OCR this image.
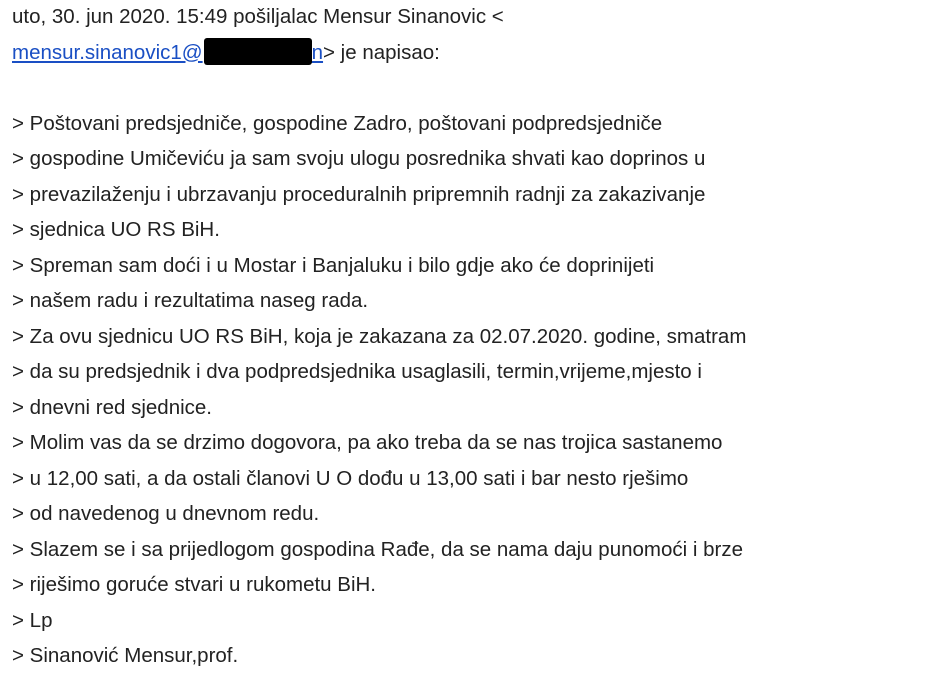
uto, 30. jun 2020. 15:49 pošiljalac Mensur Sinanovic <
mensur.sinanovic1@	n> je napisao:
> Poštovani predsjedniče, gospodine Zadro, poštovani podpredsjedniče
> gospodine Umičeviću ja sam svoju ulogu posrednika shvati kao doprinos u
> prevazilaženju i ubrzavanju proceduralnih pripremnih radnji za zakazivanje
> sjednica UO RS BiH.
> Spreman sam doći i u Mostar i Banjaluku i bilo gdje ako će doprinijeti
> našem radu i rezultatima naseg rada.
> Za ovu sjednicu UO RS BiH, koja je zakazana za 02.07.2020. godine, smatram
> da su predsjednik i dva podpredsjednika usaglasili, termin,vrijeme,mjesto i
> dnevni red sjednice.
> Molim vas da se drzimo dogovora, pa ako treba da se nas trojica sastanemo
> u 12,00 sati, a da ostali članovi U O dođu u 13,00 sati i bar nesto rješimo
> od navedenog u dnevnom redu.
> Slazem se i sa prijedlogom gospodina Rađe, da se nama daju punomoći i brze
> riješimo goruće stvari u rukometu BiH.
> Lp
> Sinanović Mensur,prof.
